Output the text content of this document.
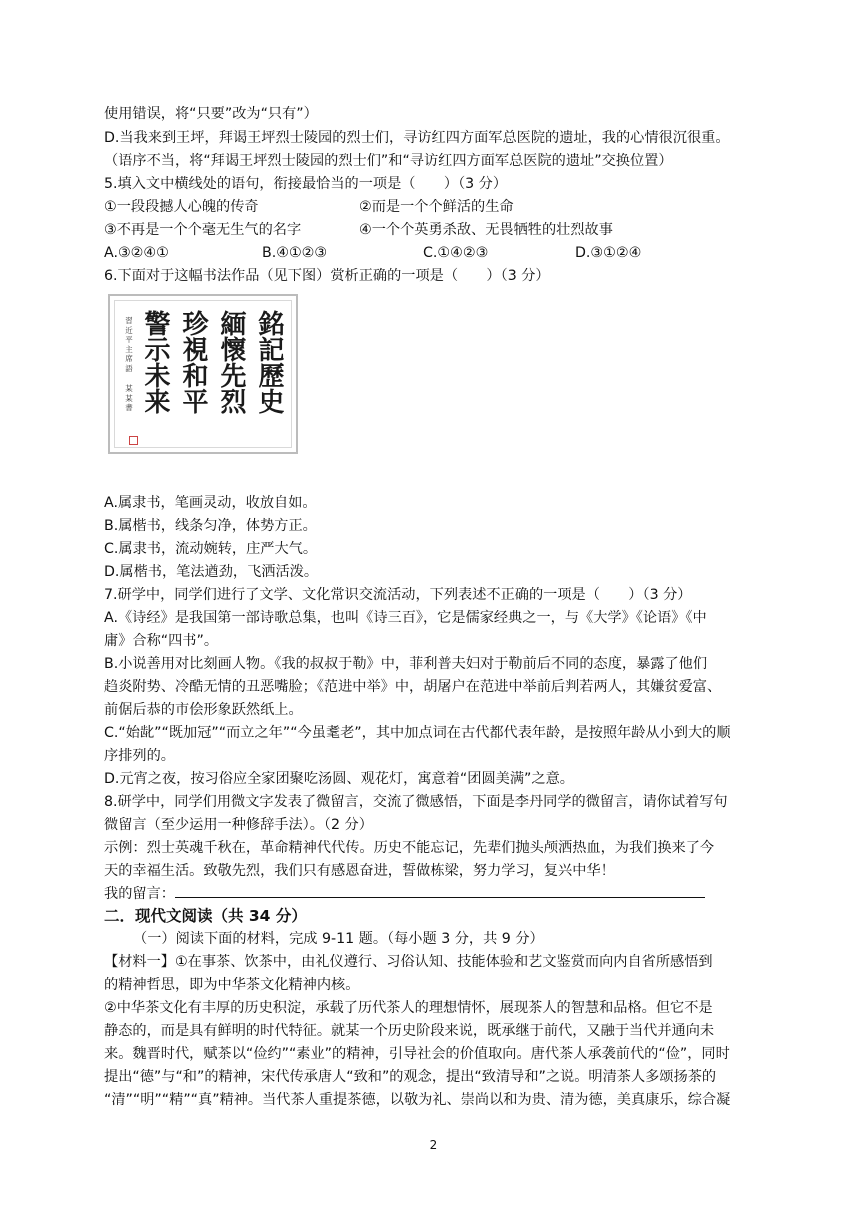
使用错误，将“只要”改为“只有”）
D.当我来到王坪，拜谒王坪烈士陵园的烈士们，寻访红四方面军总医院的遗址，我的心情很沉很重。
（语序不当，将“拜谒王坪烈士陵园的烈士们”和“寻访红四方面军总医院的遗址”交换位置）
5.填入文中横线处的语句，衔接最恰当的一项是（　　）（3 分）
①一段段撼人心魄的传奇	②而是一个个鲜活的生命
③不再是一个个毫无生气的名字	④一个个英勇杀敌、无畏牺牲的壮烈故事
A.③②④①	B.④①②③	C.①④②③	D.③①②④
6.下面对于这幅书法作品（见下图）赏析正确的一项是（　　）（3 分）
習近平主席語
某某書 警示未来 珍視和平 緬懷先烈 銘記歷史
A.属隶书，笔画灵动，收放自如。
B.属楷书，线条匀净，体势方正。
C.属隶书，流动婉转，庄严大气。
D.属楷书，笔法遒劲，飞洒活泼。
7.研学中，同学们进行了文学、文化常识交流活动，下列表述不正确的一项是（　　）（3 分）
A.《诗经》是我国第一部诗歌总集，也叫《诗三百》，它是儒家经典之一，与《大学》《论语》《中
庸》合称“四书”。
B.小说善用对比刻画人物。《我的叔叔于勒》中，菲利普夫妇对于勒前后不同的态度，暴露了他们
趋炎附势、冷酷无情的丑恶嘴脸；《范进中举》中，胡屠户在范进中举前后判若两人，其嫌贫爱富、
前倨后恭的市侩形象跃然纸上。
C.“始龀”“既加冠”“而立之年”“今虽耄老”，其中加点词在古代都代表年龄，是按照年龄从小到大的顺
序排列的。
D.元宵之夜，按习俗应全家团聚吃汤圆、观花灯，寓意着“团圆美满”之意。
8.研学中，同学们用微文字发表了微留言，交流了微感悟，下面是李丹同学的微留言，请你试着写句
微留言（至少运用一种修辞手法）。（2 分）
示例：烈士英魂千秋在，革命精神代代传。历史不能忘记，先辈们抛头颅洒热血，为我们换来了今
天的幸福生活。致敬先烈，我们只有感恩奋进，誓做栋梁，努力学习，复兴中华！
我的留言：
二．现代文阅读（共 34 分）
（一）阅读下面的材料，完成 9-11 题。（每小题 3 分，共 9 分）
【材料一】①在事茶、饮茶中，由礼仪遵行、习俗认知、技能体验和艺文鉴赏而向内自省所感悟到
的精神哲思，即为中华茶文化精神内核。
②中华茶文化有丰厚的历史积淀，承载了历代茶人的理想情怀，展现茶人的智慧和品格。但它不是
静态的，而是具有鲜明的时代特征。就某一个历史阶段来说，既承继于前代，又融于当代并通向未
来。魏晋时代，赋茶以“俭约”“素业”的精神，引导社会的价值取向。唐代茶人承袭前代的“俭”，同时
提出“德”与“和”的精神，宋代传承唐人“致和”的观念，提出“致清导和”之说。明清茶人多颂扬茶的
“清”“明”“精”“真”精神。当代茶人重提茶德，以敬为礼、崇尚以和为贵、清为德，美真康乐，综合凝
2
